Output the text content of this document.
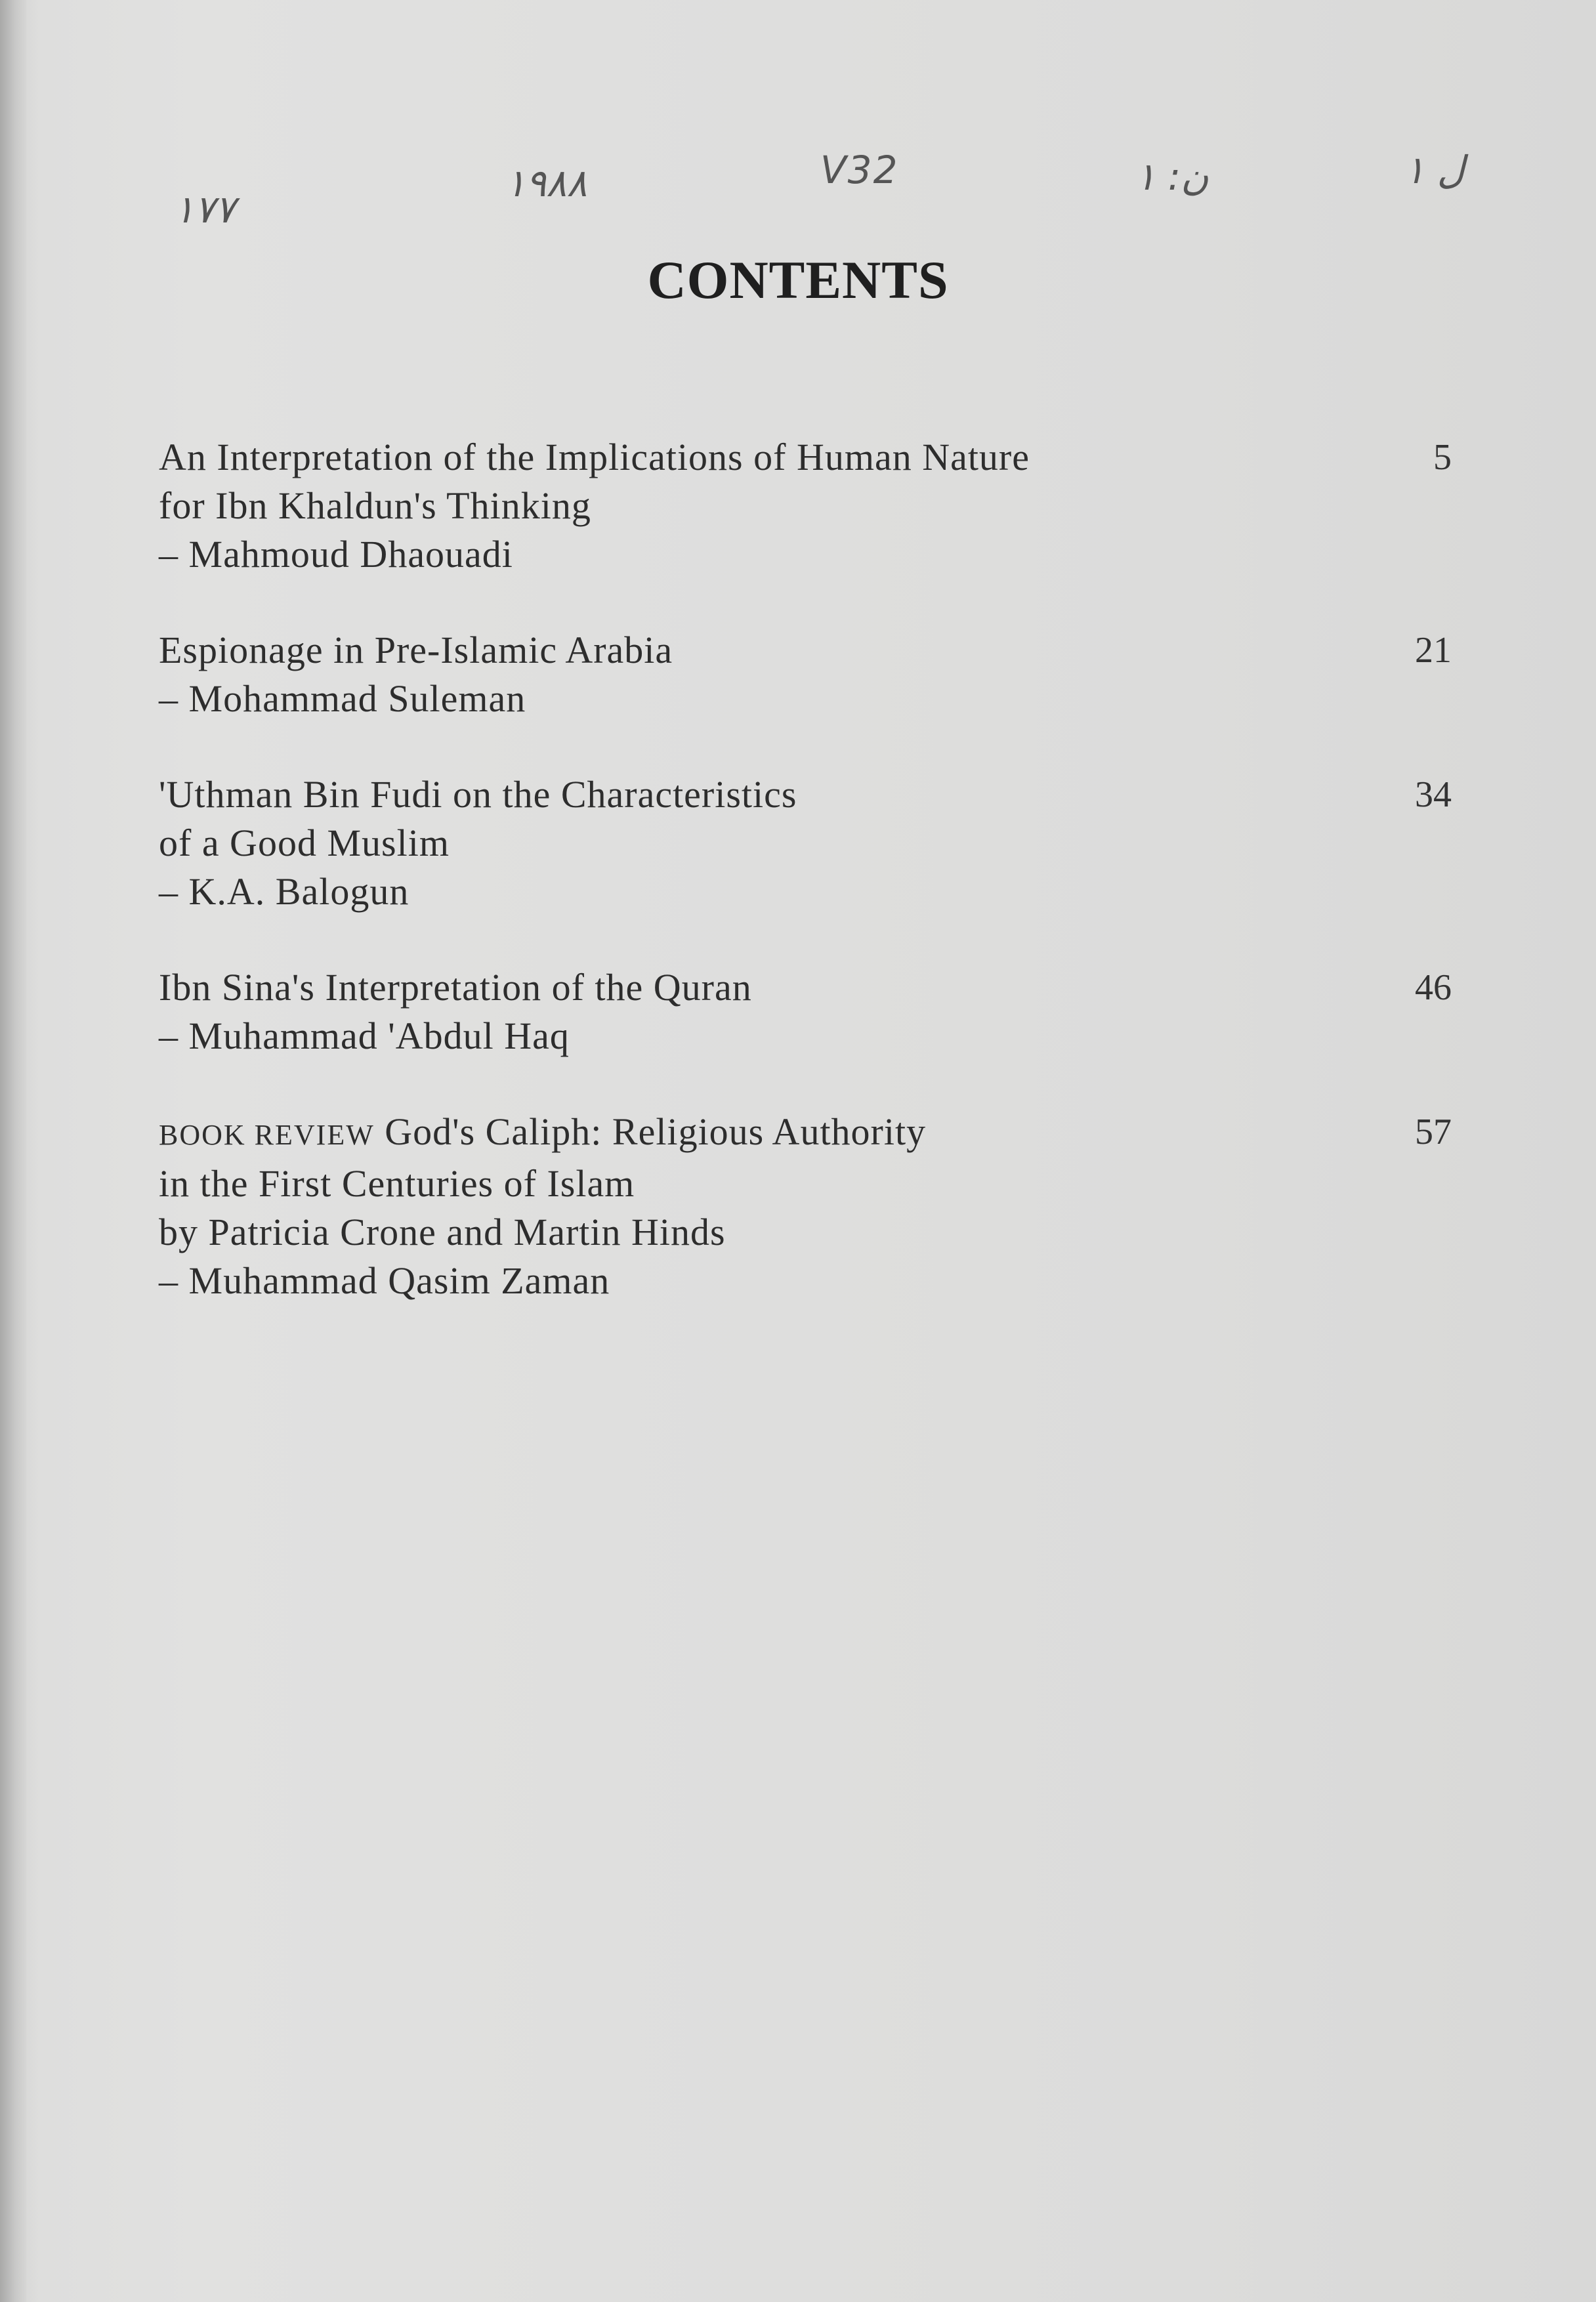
١٧٧
١٩٨٨	V32	ن: ١	ل ١
CONTENTS
An Interpretation of the Implications of Human Nature
for Ibn Khaldun's Thinking
– Mahmoud Dhaouadi
5
Espionage in Pre-Islamic Arabia
– Mohammad Suleman
21
'Uthman Bin Fudi on the Characteristics
of a Good Muslim
– K.A. Balogun
34
Ibn Sina's Interpretation of the Quran
– Muhammad 'Abdul Haq
46
BOOK REVIEW God's Caliph: Religious Authority
in the First Centuries of Islam
by Patricia Crone and Martin Hinds
– Muhammad Qasim Zaman
57
